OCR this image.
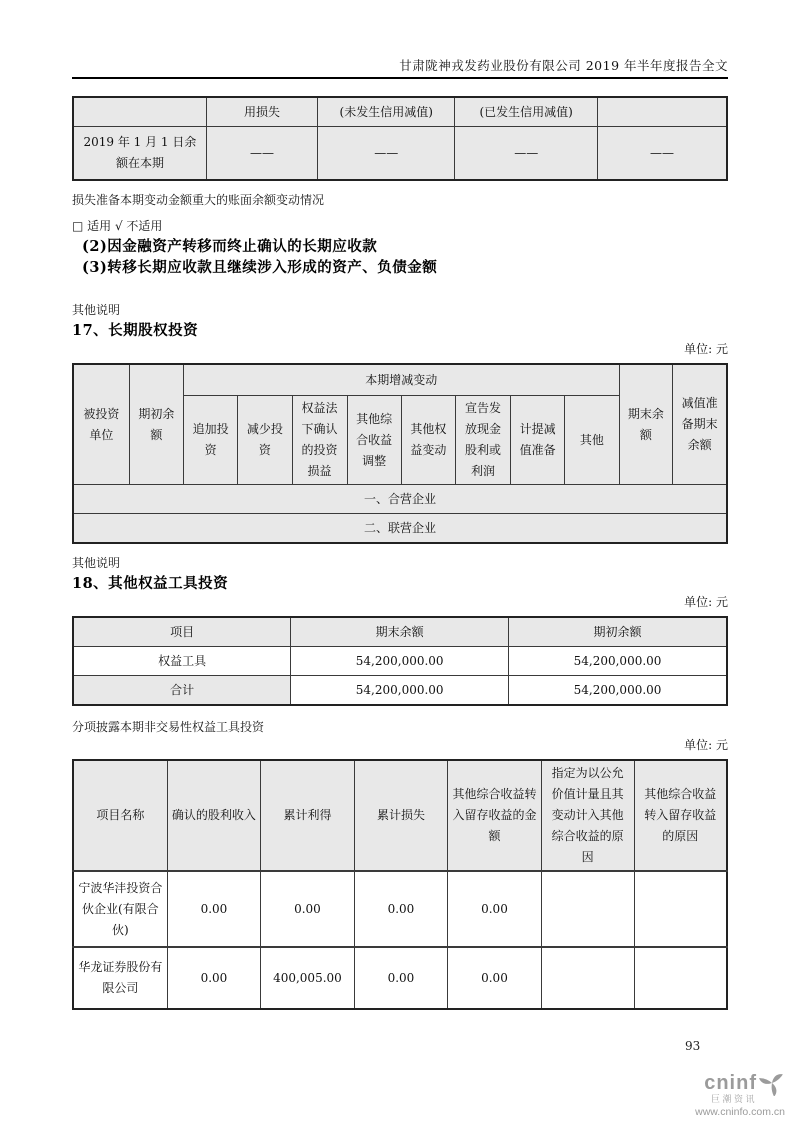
甘肃陇神戎发药业股份有限公司 2019 年半年度报告全文
	用损失	(未发生信用减值)	(已发生信用减值)	
2019 年 1 月 1 日余额在本期	——	——	——	——

损失准备本期变动金额重大的账面余额变动情况

□ 适用 √ 不适用

(2)因金融资产转移而终止确认的长期应收款
(3)转移长期应收款且继续涉入形成的资产、负债金额

其他说明

17、长期股权投资

单位: 元

被投资单位	期初余额	本期增减变动								期末余额	减值准备期末余额
		追加投资	减少投资	权益法下确认的投资损益	其他综合收益调整	其他权益变动	宣告发放现金股利或利润	计提减值准备	其他		
一、合营企业											
二、联营企业											

其他说明

18、其他权益工具投资

单位: 元

项目	期末余额	期初余额
权益工具	54,200,000.00	54,200,000.00
合计	54,200,000.00	54,200,000.00

分项披露本期非交易性权益工具投资

单位: 元

项目名称	确认的股利收入	累计利得	累计损失	其他综合收益转入留存收益的金额	指定为以公允价值计量且其变动计入其他综合收益的原因	其他综合收益转入留存收益的原因
宁波华沣投资合伙企业(有限合伙)	0.00	0.00	0.00	0.00		
华龙证券股份有限公司	0.00	400,005.00	0.00	0.00		
93
cninf
巨潮资讯
www.cninfo.com.cn
